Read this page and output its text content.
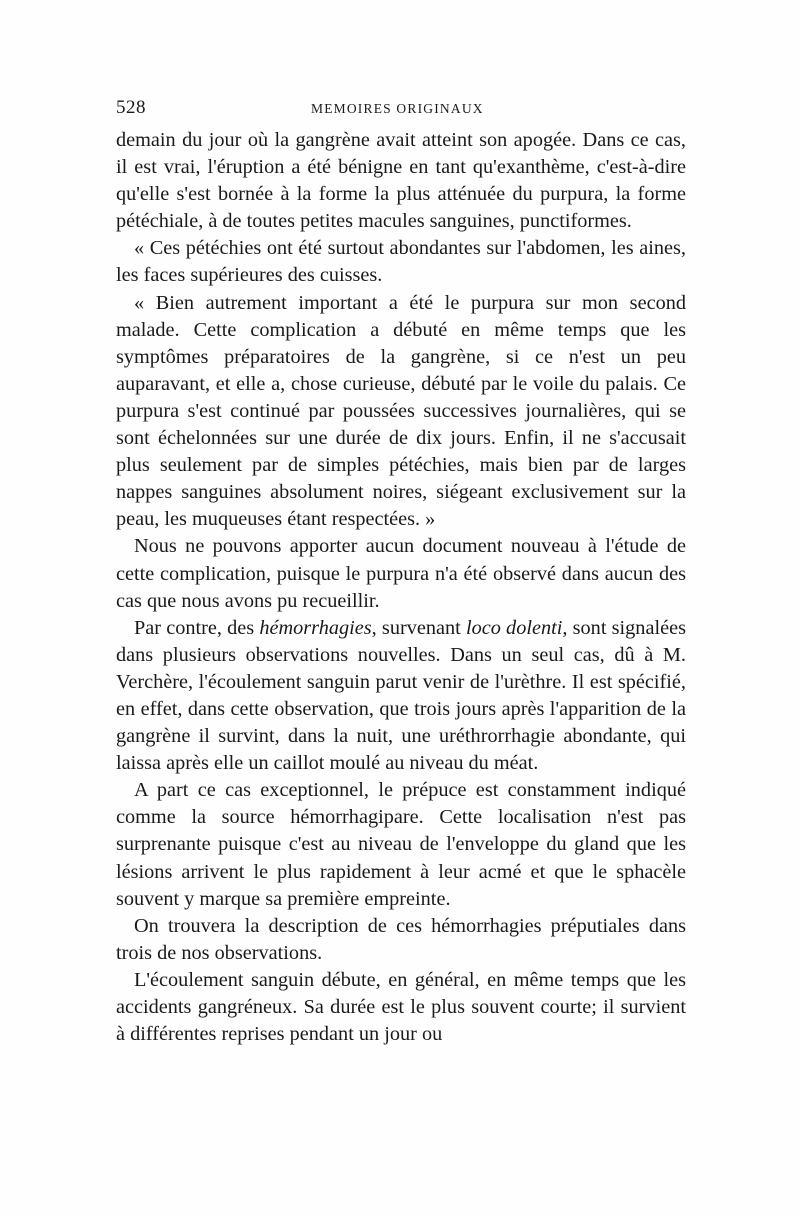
528	MEMOIRES ORIGINAUX

demain du jour où la gangrène avait atteint son apogée. Dans ce cas, il est vrai, l'éruption a été bénigne en tant qu'exanthème, c'est-à-dire qu'elle s'est bornée à la forme la plus atténuée du purpura, la forme pétéchiale, à de toutes petites macules sanguines, punctiformes.

« Ces pétéchies ont été surtout abondantes sur l'abdomen, les aines, les faces supérieures des cuisses.

« Bien autrement important a été le purpura sur mon second malade. Cette complication a débuté en même temps que les symptômes préparatoires de la gangrène, si ce n'est un peu auparavant, et elle a, chose curieuse, débuté par le voile du palais. Ce purpura s'est continué par poussées successives journalières, qui se sont échelonnées sur une durée de dix jours. Enfin, il ne s'accusait plus seulement par de simples pétéchies, mais bien par de larges nappes sanguines absolument noires, siégeant exclusivement sur la peau, les muqueuses étant respectées. »

Nous ne pouvons apporter aucun document nouveau à l'étude de cette complication, puisque le purpura n'a été observé dans aucun des cas que nous avons pu recueillir.

Par contre, des hémorrhagies, survenant loco dolenti, sont signalées dans plusieurs observations nouvelles. Dans un seul cas, dû à M. Verchère, l'écoulement sanguin parut venir de l'urèthre. Il est spécifié, en effet, dans cette observation, que trois jours après l'apparition de la gangrène il survint, dans la nuit, une uréthrorrhagie abondante, qui laissa après elle un caillot moulé au niveau du méat.

A part ce cas exceptionnel, le prépuce est constamment indiqué comme la source hémorrhagipare. Cette localisation n'est pas surprenante puisque c'est au niveau de l'enveloppe du gland que les lésions arrivent le plus rapidement à leur acmé et que le sphacèle souvent y marque sa première empreinte.

On trouvera la description de ces hémorrhagies préputiales dans trois de nos observations.

L'écoulement sanguin débute, en général, en même temps que les accidents gangréneux. Sa durée est le plus souvent courte; il survient à différentes reprises pendant un jour ou
